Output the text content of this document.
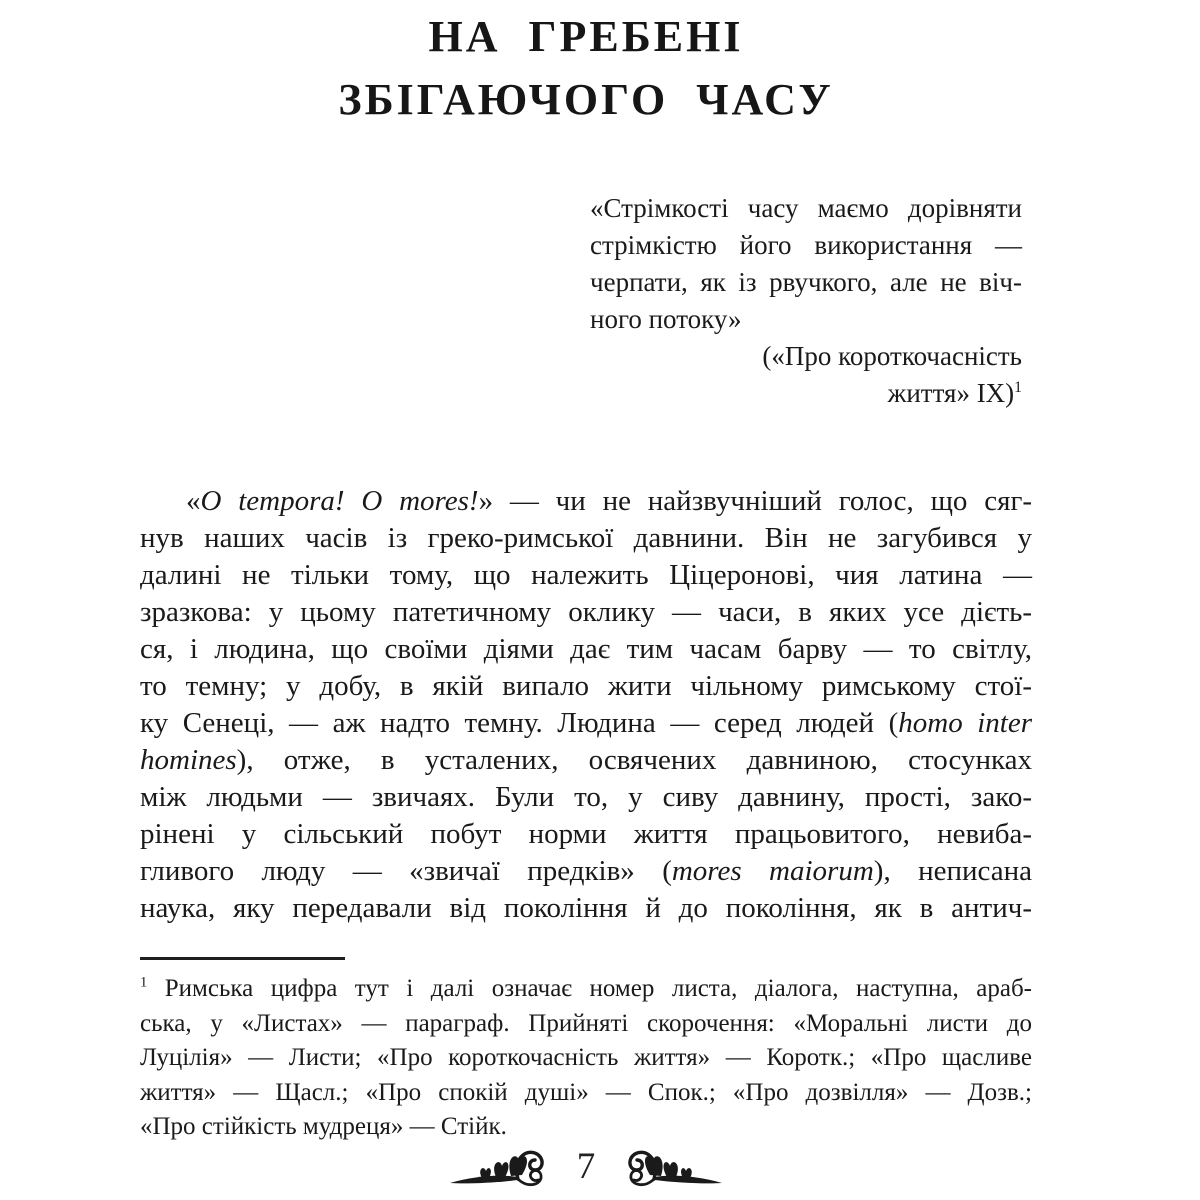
НА ГРЕБЕНІ
ЗБІГАЮЧОГО ЧАСУ
«Стрімкості часу маємо дорівняти
стрімкістю його використання —
черпати, як із рвучкого, але не віч-
ного потоку»
(«Про короткочасність
життя» IX)$^1$
«O tempora! O mores!» — чи не найзвучніший голос, що сяг-
нув наших часів із греко-римської давнини. Він не загубився у
далині не тільки тому, що належить Ціцеронові, чия латина —
зразкова: у цьому патетичному оклику — часи, в яких усе дієть-
ся, і людина, що своїми діями дає тим часам барву — то світлу,
то темну; у добу, в якій випало жити чільному римському стої-
ку Сенеці, — аж надто темну. Людина — серед людей (homo inter
homines), отже, в усталених, освячених давниною, стосунках
між людьми — звичаях. Були то, у сиву давнину, прості, зако-
рінені у сільський побут норми життя працьовитого, невиба-
гливого люду — «звичаї предків» (mores maiorum), неписана
наука, яку передавали від покоління й до покоління, як в антич-
$^1$ Римська цифра тут і далі означає номер листа, діалога, наступна, араб-
ська, у «Листах» — параграф. Прийняті скорочення: «Моральні листи до
Луцілія» — Листи; «Про короткочасність життя» — Коротк.; «Про щасливе
життя» — Щасл.; «Про спокій душі» — Спок.; «Про дозвілля» — Дозв.;
«Про стійкість мудреця» — Стійк.
7
